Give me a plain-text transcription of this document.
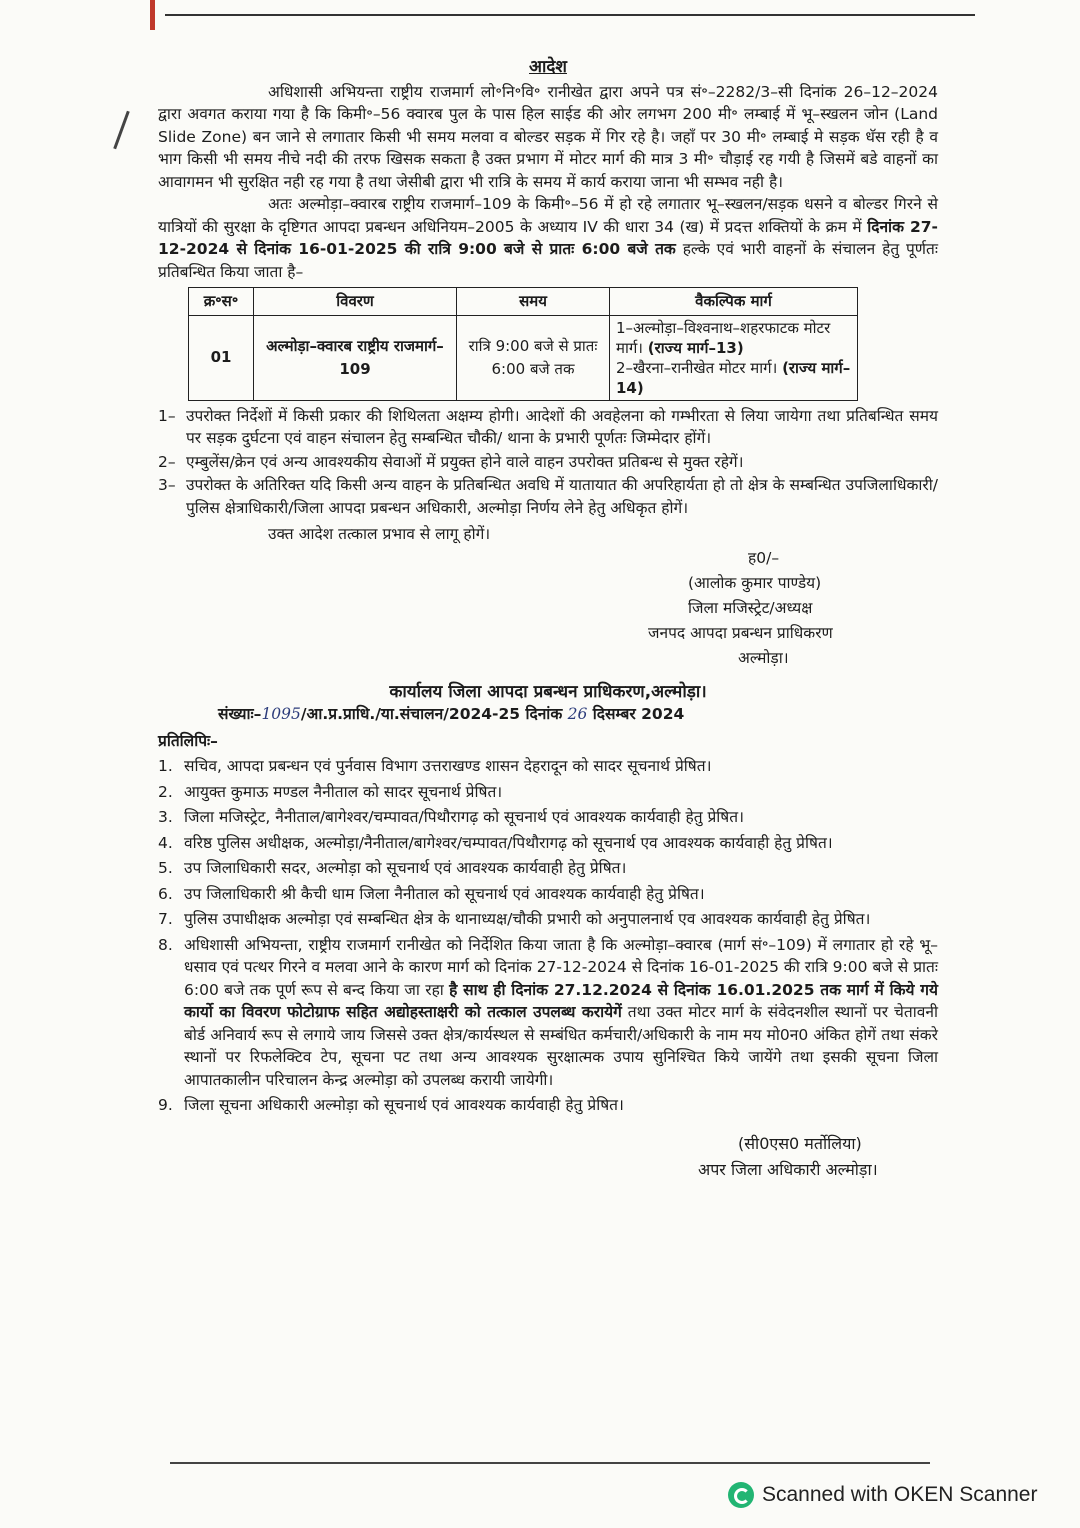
आदेश

अधिशासी अभियन्ता राष्ट्रीय राजमार्ग लो॰नि॰वि॰ रानीखेत द्वारा अपने पत्र सं॰–2282/3–सी दिनांक 26–12–2024 द्वारा अवगत कराया गया है कि किमी॰–56 क्वारब पुल के पास हिल साईड की ओर लगभग 200 मी॰ लम्बाई में भू–स्खलन जोन (Land Slide Zone) बन जाने से लगातार किसी भी समय मलवा व बोल्डर सड़क में गिर रहे है। जहॉं पर 30 मी॰ लम्बाई मे सड़क धॅस रही है व भाग किसी भी समय नीचे नदी की तरफ खिसक सकता है उक्त प्रभाग में मोटर मार्ग की मात्र 3 मी॰ चौड़ाई रह गयी है जिसमें बडे वाहनों का आवागमन भी सुरक्षित नही रह गया है तथा जेसीबी द्वारा भी रात्रि के समय में कार्य कराया जाना भी सम्भव नही है।

अतः अल्मोड़ा–क्वारब राष्ट्रीय राजमार्ग–109 के किमी॰–56 में हो रहे लगातार भू–स्खलन/सड़क धसने व बोल्डर गिरने से यात्रियों की सुरक्षा के दृष्टिगत आपदा प्रबन्धन अधिनियम–2005 के अध्याय IV की धारा 34 (ख) में प्रदत्त शक्तियों के क्रम में दिनांक 27-12-2024 से दिनांक 16-01-2025 की रात्रि 9:00 बजे से प्रातः 6:00 बजे तक हल्के एवं भारी वाहनों के संचालन हेतु पूर्णतः प्रतिबन्धित किया जाता है–

क्र॰स॰	विवरण	समय	वैकल्पिक मार्ग
01	अल्मोड़ा–क्वारब राष्ट्रीय राजमार्ग–109	रात्रि 9:00 बजे से प्रातः 6:00 बजे तक	1–अल्मोड़ा–विश्वनाथ–शहरफाटक मोटर मार्ग। (राज्य मार्ग–13)
2–खैरना–रानीखेत मोटर मार्ग। (राज्य मार्ग–14)
1– उपरोक्त निर्देशों में किसी प्रकार की शिथिलता अक्षम्य होगी। आदेशों की अवहेलना को गम्भीरता से लिया जायेगा तथा प्रतिबन्धित समय पर सड़क दुर्घटना एवं वाहन संचालन हेतु सम्बन्धित चौकी/ थाना के प्रभारी पूर्णतः जिम्मेदार होंगें।
2– एम्बुलेंस/क्रेन एवं अन्य आवश्यकीय सेवाओं में प्रयुक्त होने वाले वाहन उपरोक्त प्रतिबन्ध से मुक्त रहेगें।
3– उपरोक्त के अतिरिक्त यदि किसी अन्य वाहन के प्रतिबन्धित अवधि में यातायात की अपरिहार्यता हो तो क्षेत्र के सम्बन्धित उपजिलाधिकारी/पुलिस क्षेत्राधिकारी/जिला आपदा प्रबन्धन अधिकारी, अल्मोड़ा निर्णय लेने हेतु अधिकृत होगें।

उक्त आदेश तत्काल प्रभाव से लागू होगें।

ह0/–
(आलोक कुमार पाण्डेय)
जिला मजिस्ट्रेट/अध्यक्ष
जनपद आपदा प्रबन्धन प्राधिकरण
अल्मोड़ा।
कार्यालय जिला आपदा प्रबन्धन प्राधिकरण,अल्मोड़ा।
संख्याः–1095/आ.प्र.प्राधि./या.संचालन/2024-25 दिनांक 26 दिसम्बर 2024
प्रतिलिपिः–
1. सचिव, आपदा प्रबन्धन एवं पुर्नवास विभाग उत्तराखण्ड शासन देहरादून को सादर सूचनार्थ प्रेषित।
2. आयुक्त कुमाऊ मण्डल नैनीताल को सादर सूचनार्थ प्रेषित।
3. जिला मजिस्ट्रेट, नैनीताल/बागेश्वर/चम्पावत/पिथौरागढ़ को सूचनार्थ एवं आवश्यक कार्यवाही हेतु प्रेषित।
4. वरिष्ठ पुलिस अधीक्षक, अल्मोड़ा/नैनीताल/बागेश्वर/चम्पावत/पिथौरागढ़ को सूचनार्थ एव आवश्यक कार्यवाही हेतु प्रेषित।
5. उप जिलाधिकारी सदर, अल्मोड़ा को सूचनार्थ एवं आवश्यक कार्यवाही हेतु प्रेषित।
6. उप जिलाधिकारी श्री कैची धाम जिला नैनीताल को सूचनार्थ एवं आवश्यक कार्यवाही हेतु प्रेषित।
7. पुलिस उपाधीक्षक अल्मोड़ा एवं सम्बन्धित क्षेत्र के थानाध्यक्ष/चौकी प्रभारी को अनुपालनार्थ एव आवश्यक कार्यवाही हेतु प्रेषित।
8. अधिशासी अभियन्ता, राष्ट्रीय राजमार्ग रानीखेत को निर्देशित किया जाता है कि अल्मोड़ा–क्वारब (मार्ग सं॰–109) में लगातार हो रहे भू–धसाव एवं पत्थर गिरने व मलवा आने के कारण मार्ग को दिनांक 27-12-2024 से दिनांक 16-01-2025 की रात्रि 9:00 बजे से प्रातः 6:00 बजे तक पूर्ण रूप से बन्द किया जा रहा है साथ ही दिनांक 27.12.2024 से दिनांक 16.01.2025 तक मार्ग में किये गये कार्यो का विवरण फोटोग्राफ सहित अद्योहस्ताक्षरी को तत्काल उपलब्ध करायेगें तथा उक्त मोटर मार्ग के संवेदनशील स्थानों पर चेतावनी बोर्ड अनिवार्य रूप से लगाये जाय जिससे उक्त क्षेत्र/कार्यस्थल से सम्बंधित कर्मचारी/अधिकारी के नाम मय मो0न0 अंकित होगें तथा संकरे स्थानों पर रिफलेक्टिव टेप, सूचना पट तथा अन्य आवश्यक सुरक्षात्मक उपाय सुनिश्चित किये जायेंगे तथा इसकी सूचना जिला आपातकालीन परिचालन केन्द्र अल्मोड़ा को उपलब्ध करायी जायेगी।
9. जिला सूचना अधिकारी अल्मोड़ा को सूचनार्थ एवं आवश्यक कार्यवाही हेतु प्रेषित।
(सी0एस0 मर्तोलिया)
अपर जिला अधिकारी अल्मोड़ा।
Scanned with OKEN Scanner
